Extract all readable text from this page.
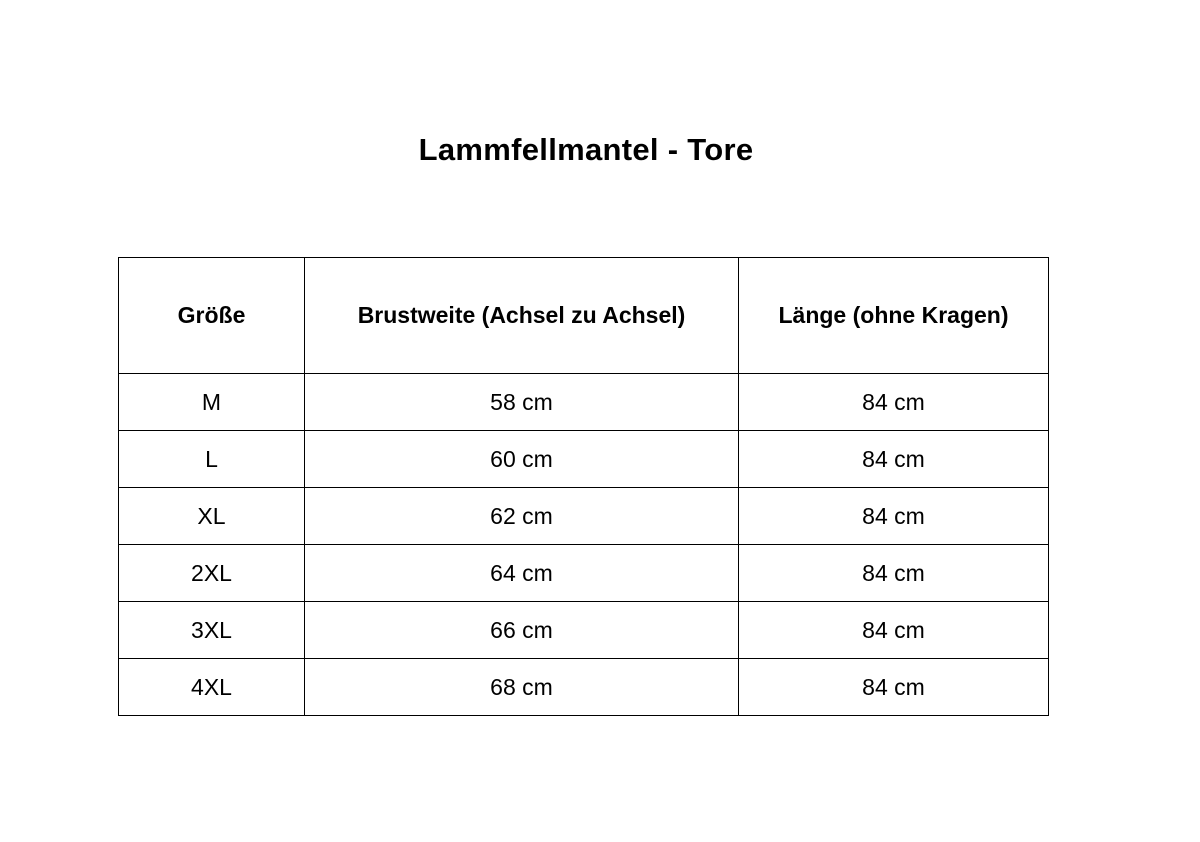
Lammfellmantel - Tore
Größe	Brustweite (Achsel zu Achsel)	Länge (ohne Kragen)
M	58 cm	84 cm
L	60 cm	84 cm
XL	62 cm	84 cm
2XL	64 cm	84 cm
3XL	66 cm	84 cm
4XL	68 cm	84 cm
